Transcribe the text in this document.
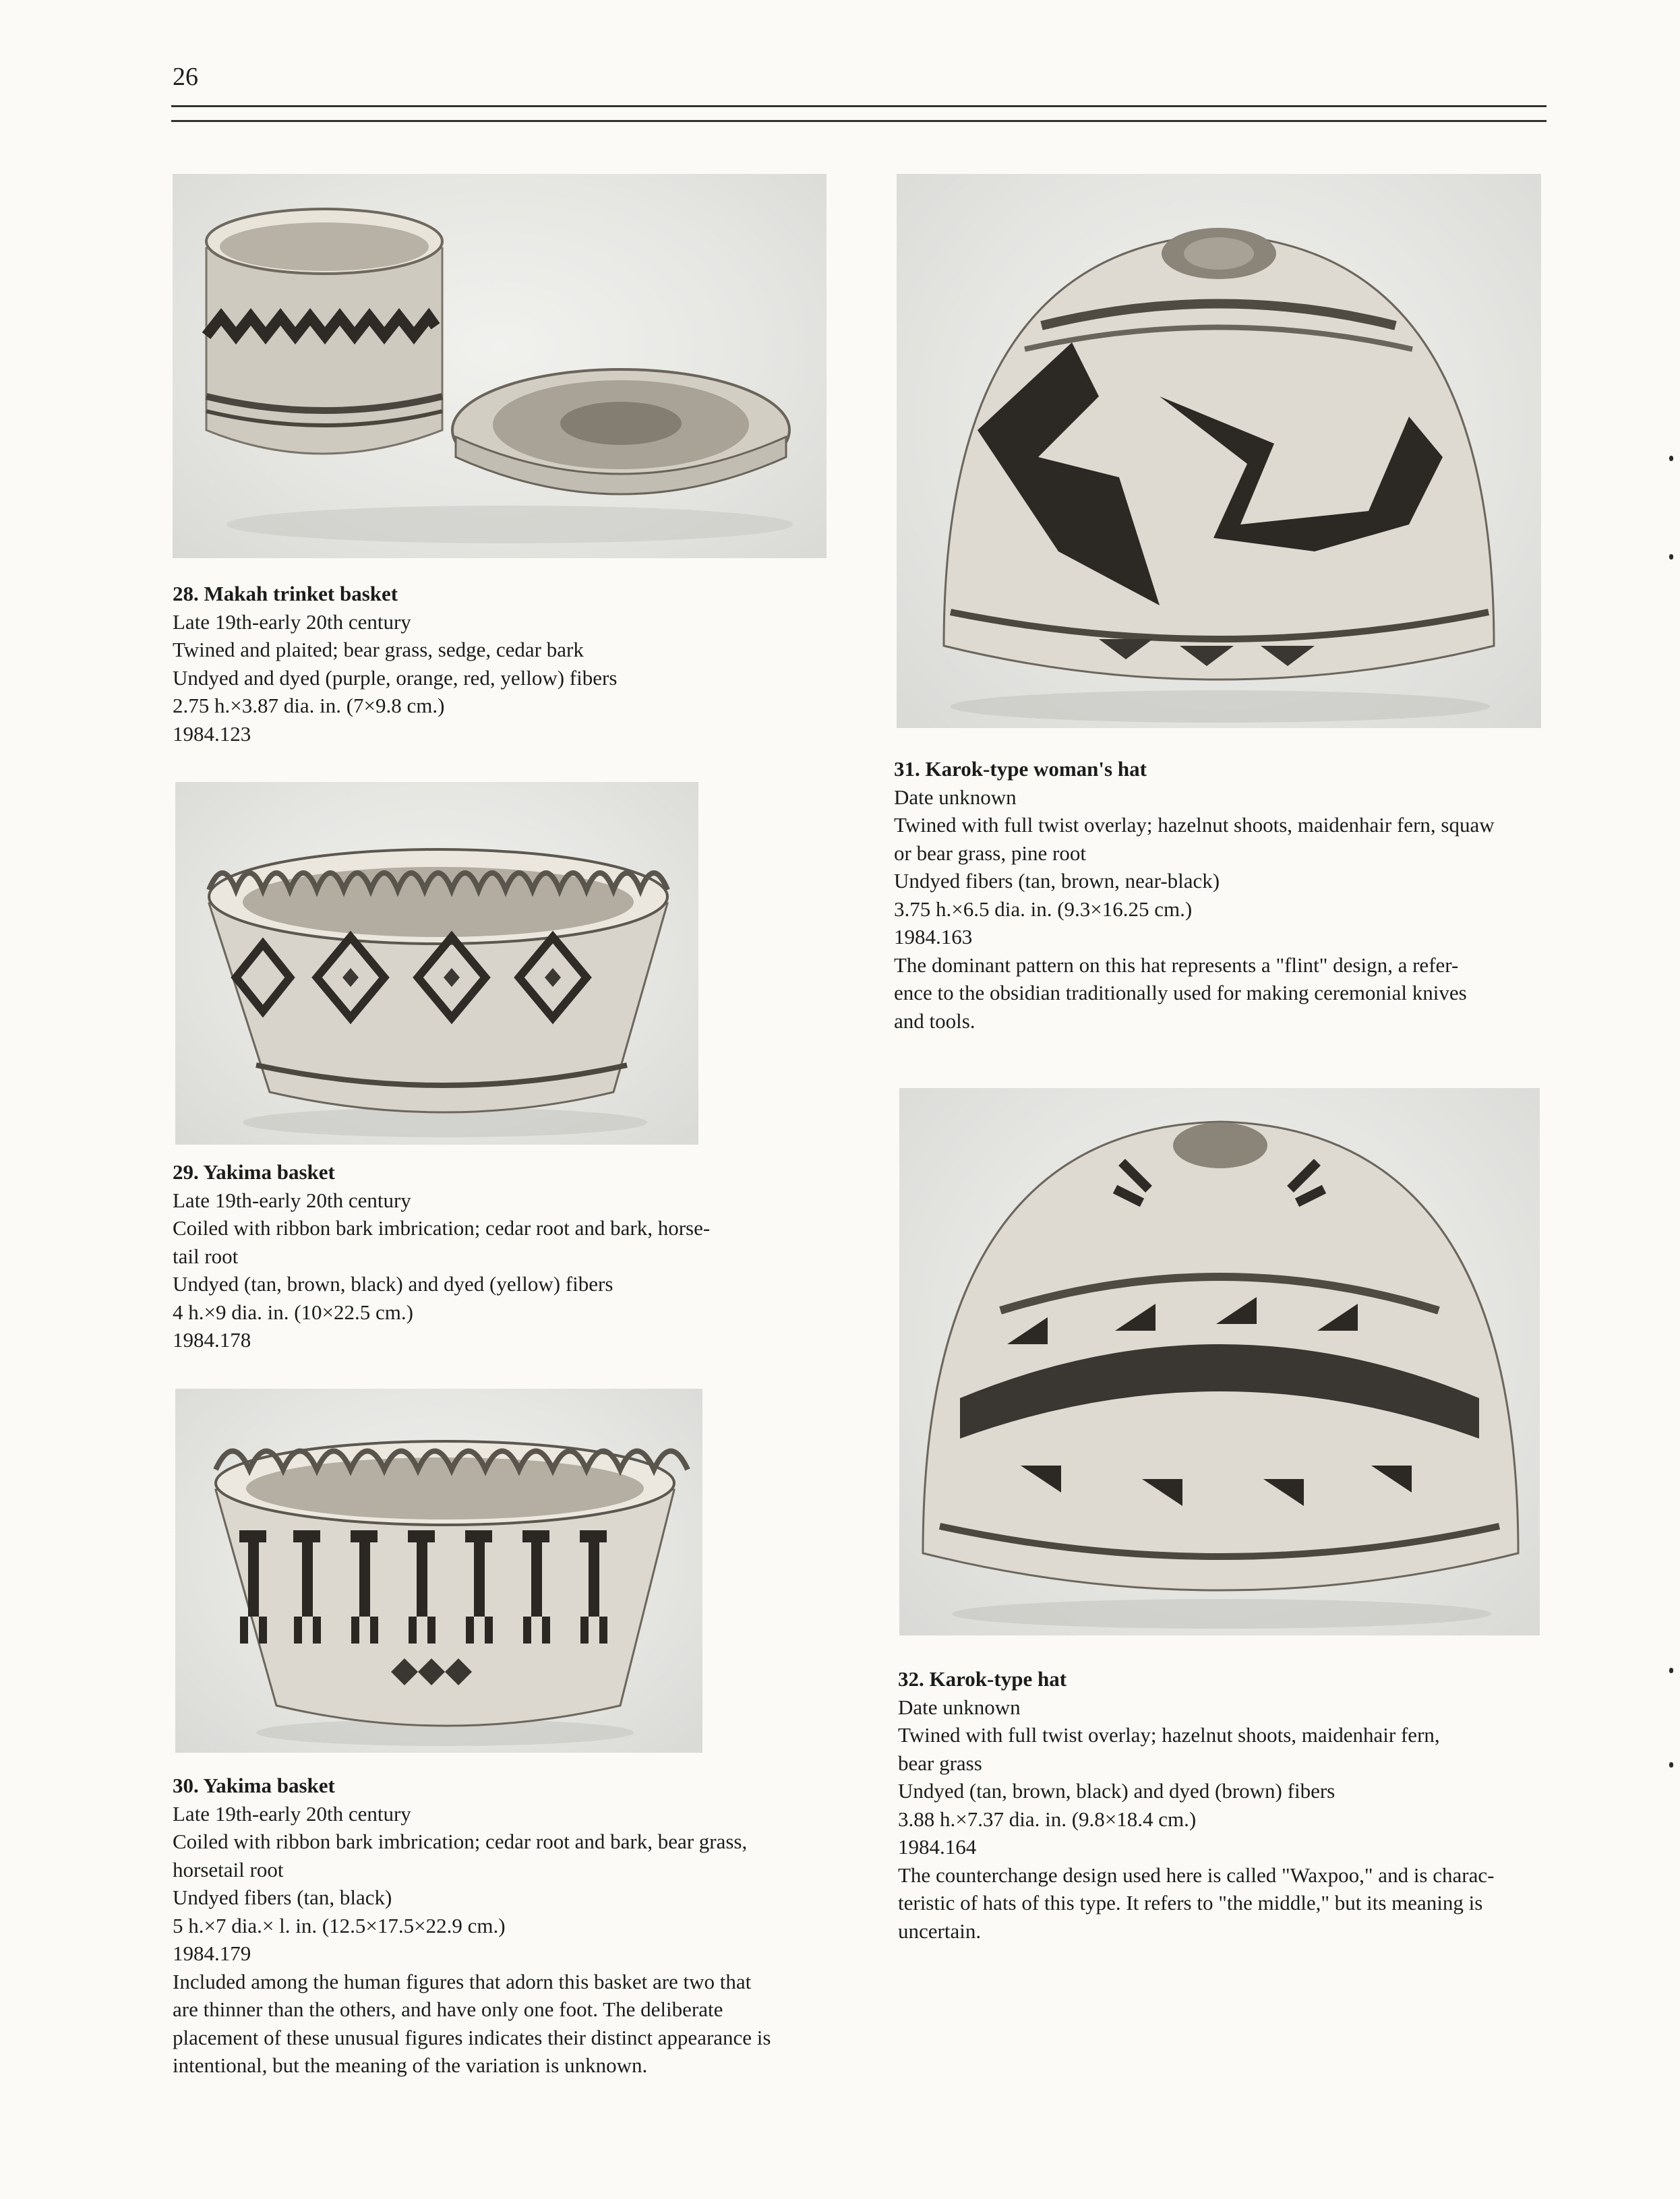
26
28. Makah trinket basket
Late 19th-early 20th century
Twined and plaited; bear grass, sedge, cedar bark
Undyed and dyed (purple, orange, red, yellow) fibers
2.75 h.×3.87 dia. in. (7×9.8 cm.)
1984.123
29. Yakima basket
Late 19th-early 20th century
Coiled with ribbon bark imbrication; cedar root and bark, horse-
tail root
Undyed (tan, brown, black) and dyed (yellow) fibers
4 h.×9 dia. in. (10×22.5 cm.)
1984.178
30. Yakima basket
Late 19th-early 20th century
Coiled with ribbon bark imbrication; cedar root and bark, bear grass,
horsetail root
Undyed fibers (tan, black)
5 h.×7 dia.× l. in. (12.5×17.5×22.9 cm.)
1984.179
Included among the human figures that adorn this basket are two that
are thinner than the others, and have only one foot. The deliberate
placement of these unusual figures indicates their distinct appearance is
intentional, but the meaning of the variation is unknown.
31. Karok-type woman's hat
Date unknown
Twined with full twist overlay; hazelnut shoots, maidenhair fern, squaw
or bear grass, pine root
Undyed fibers (tan, brown, near-black)
3.75 h.×6.5 dia. in. (9.3×16.25 cm.)
1984.163
The dominant pattern on this hat represents a "flint" design, a refer-
ence to the obsidian traditionally used for making ceremonial knives
and tools.
32. Karok-type hat
Date unknown
Twined with full twist overlay; hazelnut shoots, maidenhair fern,
bear grass
Undyed (tan, brown, black) and dyed (brown) fibers
3.88 h.×7.37 dia. in. (9.8×18.4 cm.)
1984.164
The counterchange design used here is called "Waxpoo," and is charac-
teristic of hats of this type. It refers to "the middle," but its meaning is
uncertain.
